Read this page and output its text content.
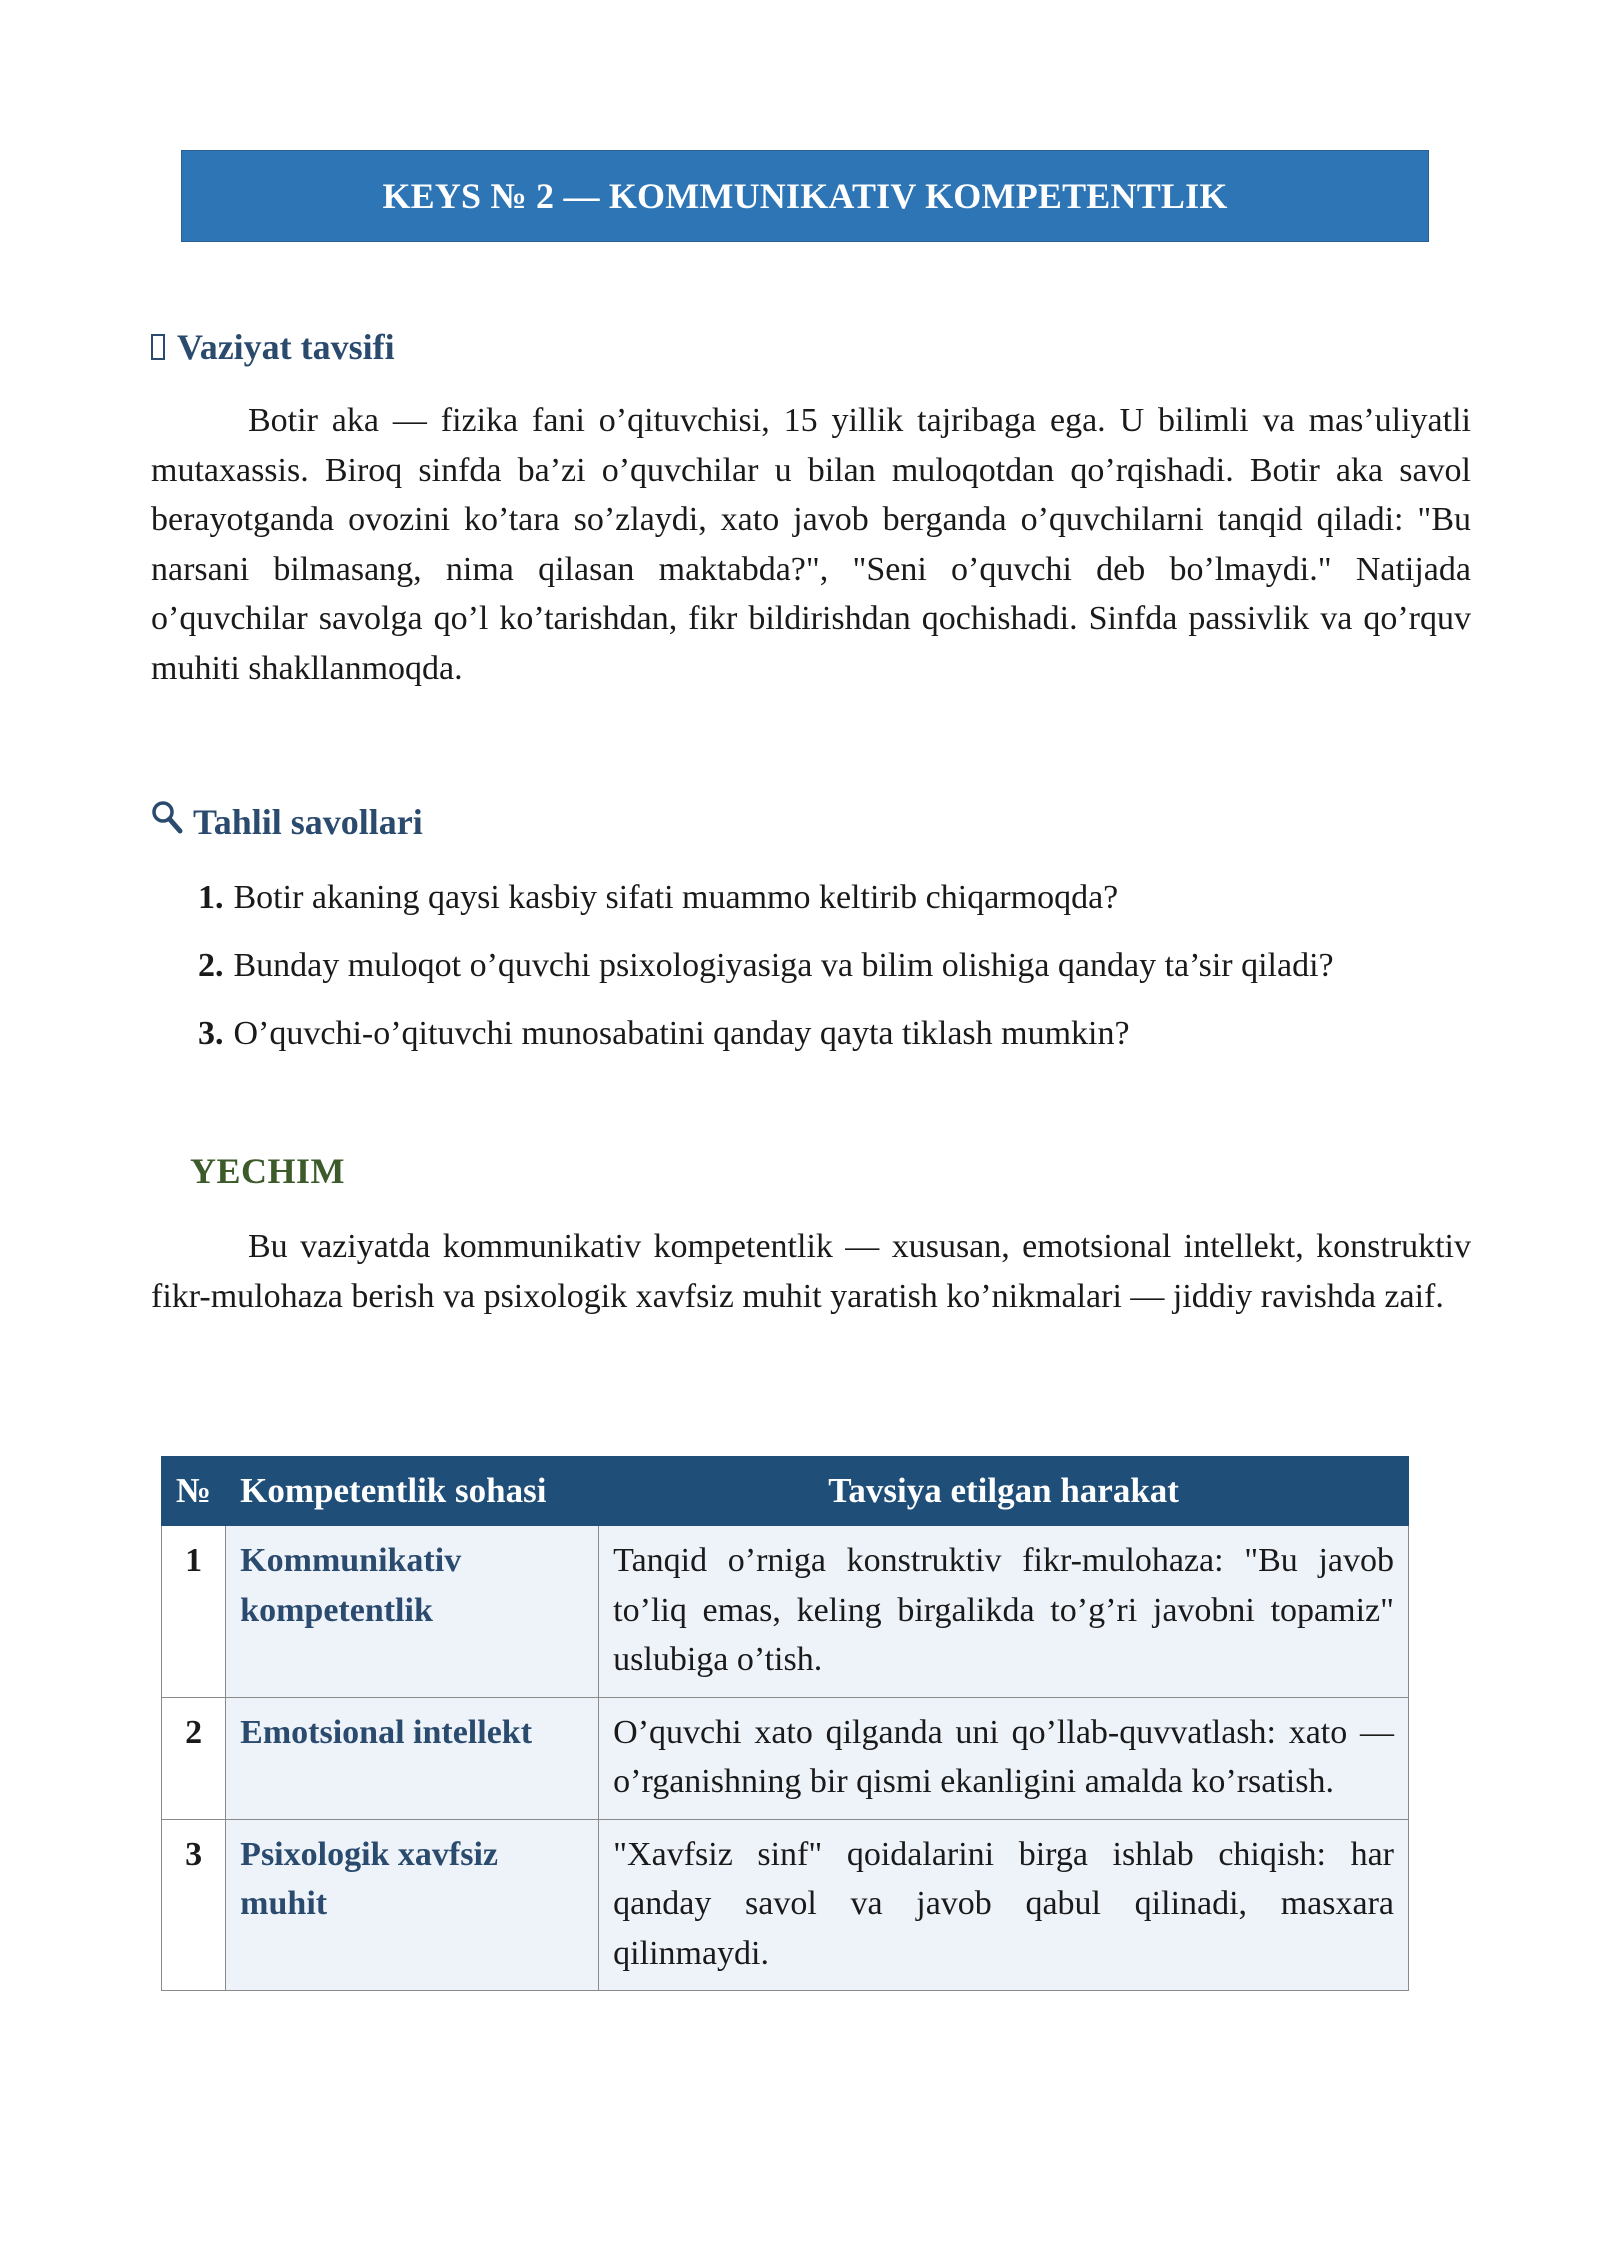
KEYS № 2 — KOMMUNIKATIV KOMPETENTLIK
Vaziyat tavsifi

Botir aka — fizika fani o’qituvchisi, 15 yillik tajribaga ega. U bilimli va mas’uliyatli mutaxassis. Biroq sinfda ba’zi o’quvchilar u bilan muloqotdan qo’rqishadi. Botir aka savol berayotganda ovozini ko’tara so’zlaydi, xato javob berganda o’quvchilarni tanqid qiladi: "Bu narsani bilmasang, nima qilasan maktabda?", "Seni o’quvchi deb bo’lmaydi." Natijada o’quvchilar savolga qo’l ko’tarishdan, fikr bildirishdan qochishadi. Sinfda passivlik va qo’rquv muhiti shakllanmoqda.

Tahlil savollari
1. Botir akaning qaysi kasbiy sifati muammo keltirib chiqarmoqda?
2. Bunday muloqot o’quvchi psixologiyasiga va bilim olishiga qanday ta’sir qiladi?
3. O’quvchi-o’qituvchi munosabatini qanday qayta tiklash mumkin?
YECHIM

Bu vaziyatda kommunikativ kompetentlik — xususan, emotsional intellekt, konstruktiv fikr-mulohaza berish va psixologik xavfsiz muhit yaratish ko’nikmalari — jiddiy ravishda zaif.

№	Kompetentlik sohasi	Tavsiya etilgan harakat
1	Kommunikativ kompetentlik	Tanqid o’rniga konstruktiv fikr-mulohaza: "Bu javob to’liq emas, keling birgalikda to’g’ri javobni topamiz" uslubiga o’tish.
2	Emotsional intellekt	O’quvchi xato qilganda uni qo’llab-quvvatlash: xato — o’rganishning bir qismi ekanligini amalda ko’rsatish.
3	Psixologik xavfsiz muhit	"Xavfsiz sinf" qoidalarini birga ishlab chiqish: har qanday savol va javob qabul qilinadi, masxara qilinmaydi.
